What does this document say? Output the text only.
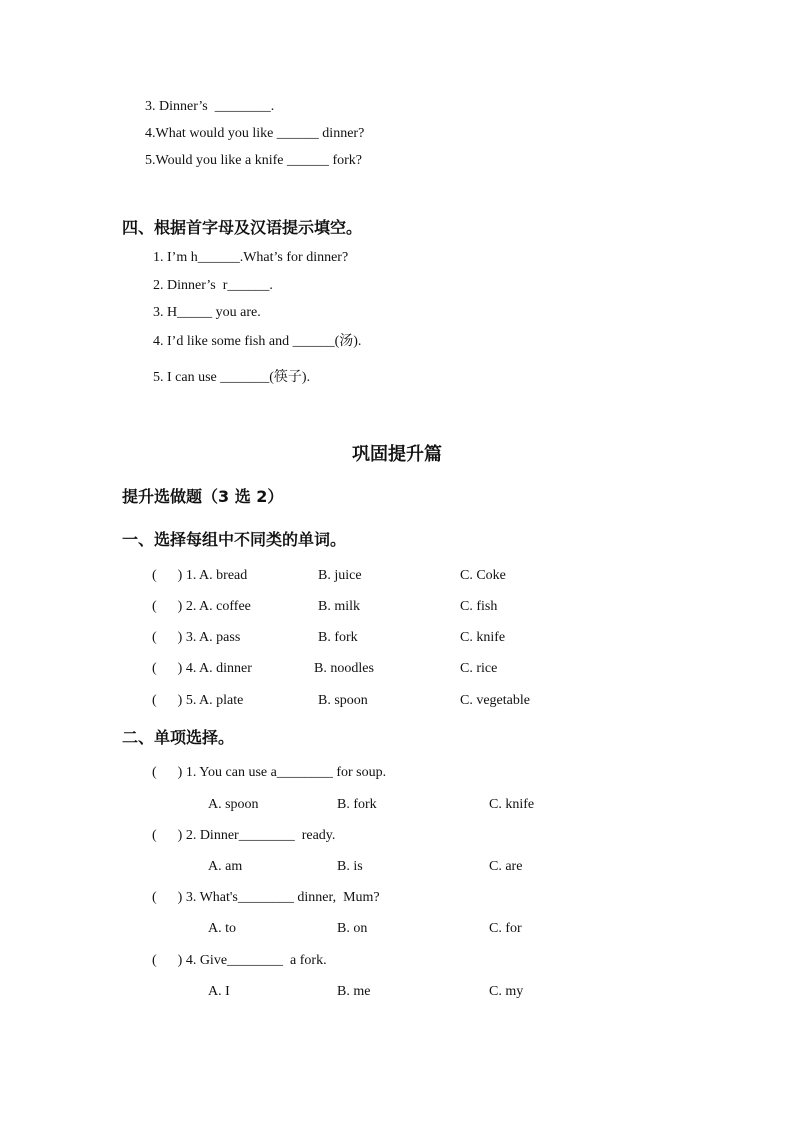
3. Dinner’s  ________.
4.What would you like ______ dinner?
5.Would you like a knife ______ fork?
四、根据首字母及汉语提示填空。
1. I’m h______.What’s for dinner?
2. Dinner’s  r______.
3. H_____ you are.
4. I’d like some fish and ______(汤).
5. I can use _______(筷子).
巩固提升篇
提升选做题（3 选 2）
一、选择每组中不同类的单词。
(      ) 1. A. bread	B. juice	C. Coke
(      ) 2. A. coffee	B. milk	C. fish
(      ) 3. A. pass	B. fork	C. knife
(      ) 4. A. dinner	B. noodles	C. rice
(      ) 5. A. plate	B. spoon	C. vegetable
二、单项选择。
(      ) 1. You can use a________ for soup.
A. spoon	B. fork	C. knife
(      ) 2. Dinner________  ready.
A. am	B. is	C. are
(      ) 3. What's________ dinner,  Mum?
A. to	B. on	C. for
(      ) 4. Give________  a fork.
A. I	B. me	C. my
